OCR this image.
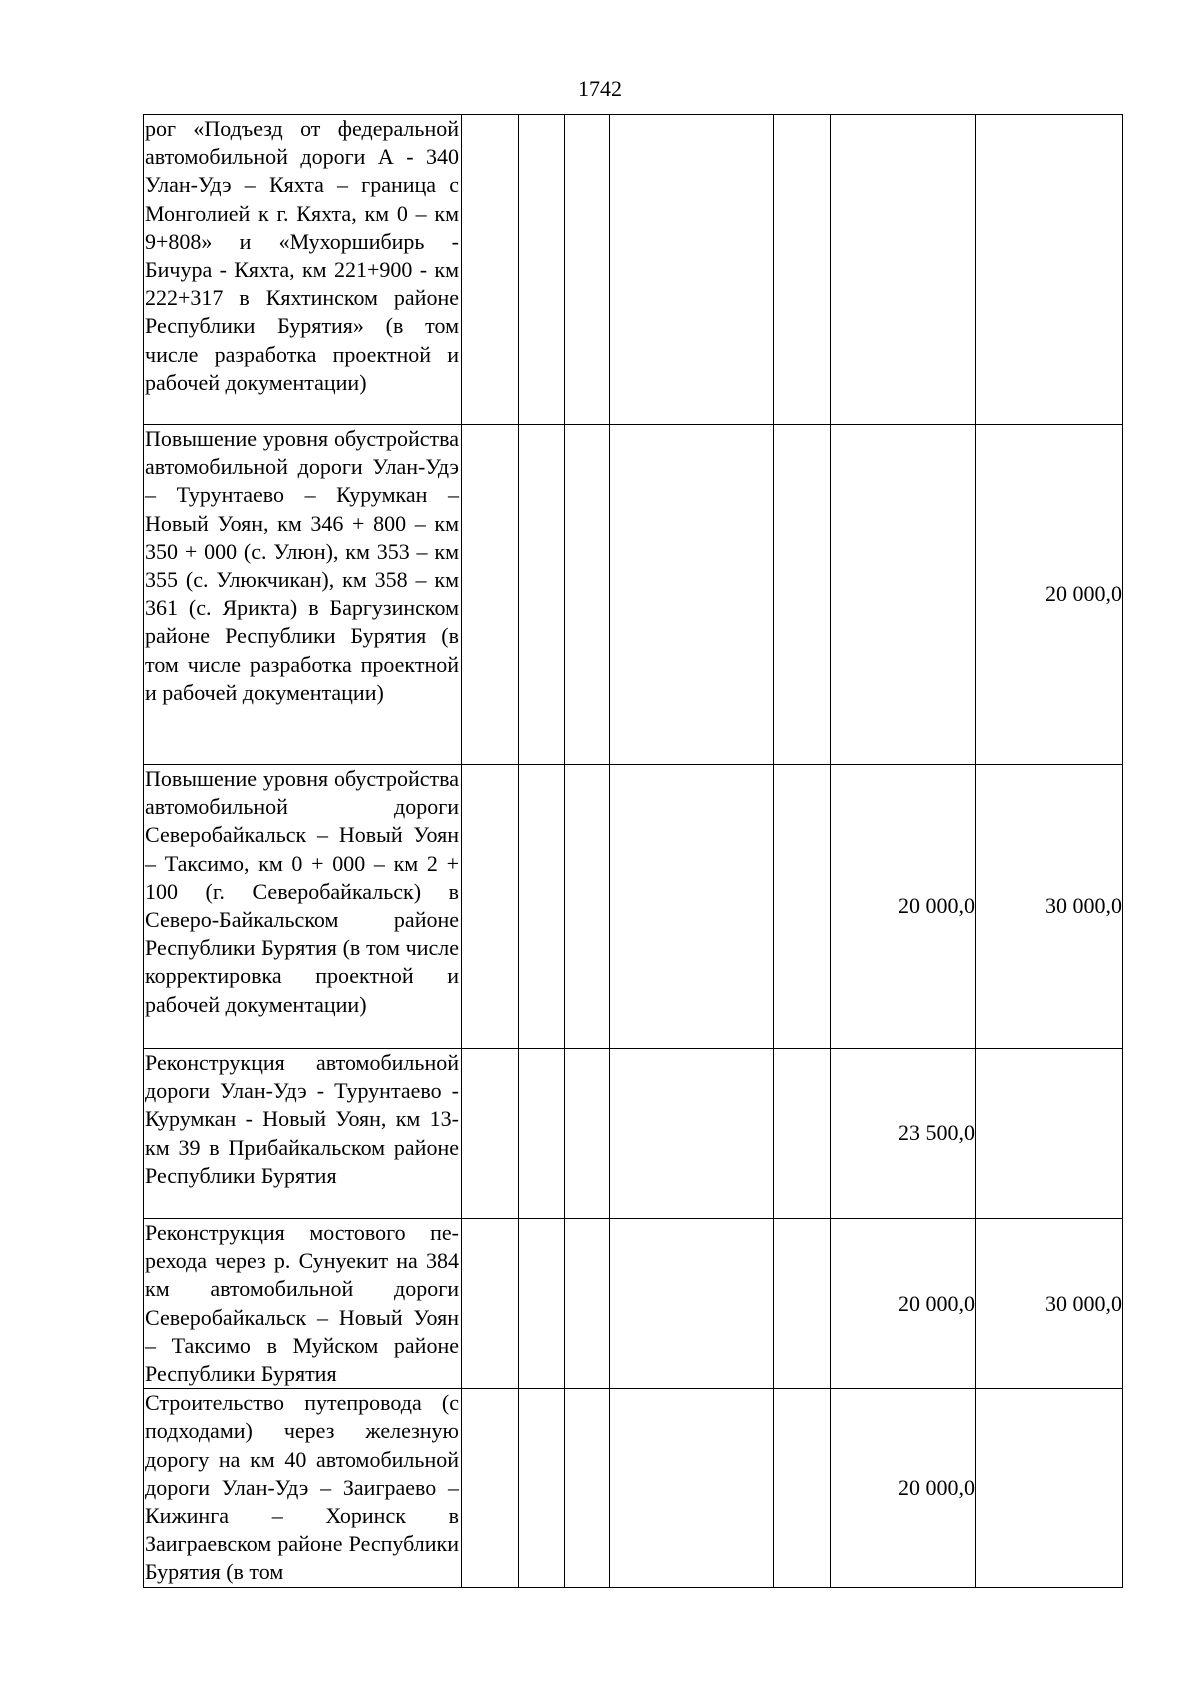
1742
рог «Подъезд от федеральной автомобильной дороги А - 340 Улан-Удэ – Кяхта – граница с Монголией к г. Кяхта, км 0 – км 9+808» и «Мухоршибирь - Бичура - Кяхта, км 221+900 - км 222+317 в Кяхтинском районе Республики Бурятия» (в том числе разработка проектной и рабочей документации)							
Повышение уровня обустройства автомобильной дороги Улан-Удэ – Турунтаево – Курумкан – Новый Уоян, км 346 + 800 – км 350 + 000 (с. Улюн), км 353 – км 355 (с. Улюкчикан), км 358 – км 361 (с. Ярикта) в Баргузинском районе Республики Бурятия (в том числе разработка проектной и рабочей документации)							20 000,0
Повышение уровня обустройства автомобильной дороги Северобайкальск – Новый Уоян – Таксимо, км 0 + 000 – км 2 + 100 (г. Северобайкальск) в Северо-Байкальском районе Республики Бурятия (в том числе корректировка проектной и рабочей документации)						20 000,0	30 000,0
Реконструкция автомобильной дороги Улан-Удэ - Турунтаево - Курумкан - Новый Уоян, км 13- км 39 в Прибайкальском районе Республики Бурятия						23 500,0	
Реконструкция мостового перехода через р. Сунуекит на 384 км автомобильной дороги Северобайкальск – Новый Уоян – Таксимо в Муйском районе Республики Бурятия						20 000,0	30 000,0
Строительство путепровода (с подходами) через железную дорогу на км 40 автомобильной дороги Улан-Удэ – Заиграево – Кижинга – Хоринск в Заиграевском районе Республики Бурятия (в том						20 000,0	
